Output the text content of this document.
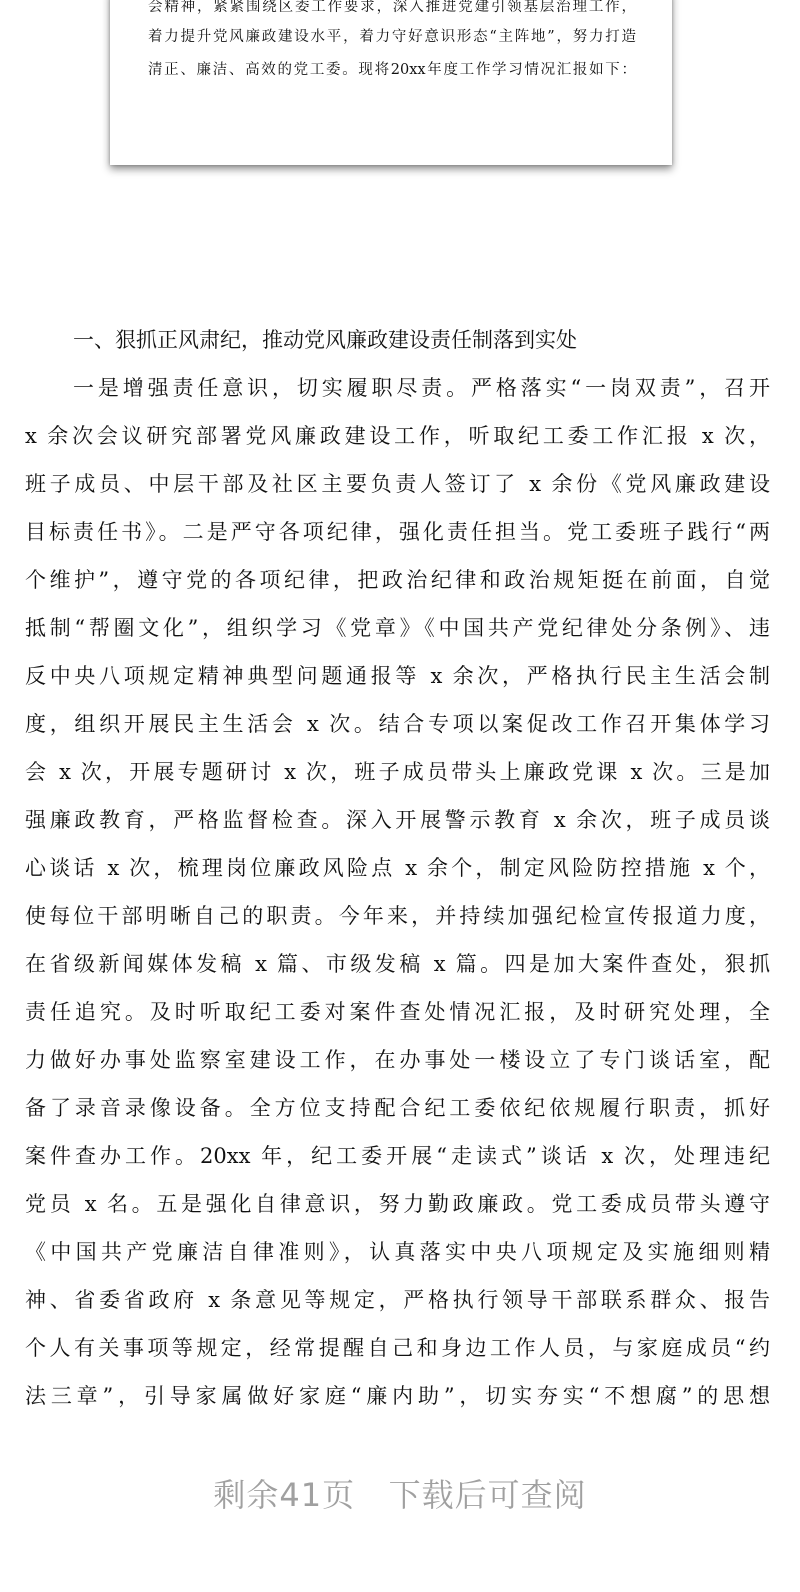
会精神，紧紧围绕区委工作要求，深入推进党建引领基层治理工作，
着力提升党风廉政建设水平，着力守好意识形态“主阵地”，努力打造
清正、廉洁、高效的党工委。现将20xx年度工作学习情况汇报如下：
一、狠抓正风肃纪，推动党风廉政建设责任制落到实处
一是增强责任意识，切实履职尽责。严格落实“一岗双责”，召开
x 余次会议研究部署党风廉政建设工作，听取纪工委工作汇报 x 次，
班子成员、中层干部及社区主要负责人签订了 x 余份《党风廉政建设
目标责任书》。二是严守各项纪律，强化责任担当。党工委班子践行“两
个维护”，遵守党的各项纪律，把政治纪律和政治规矩挺在前面，自觉
抵制“帮圈文化”，组织学习《党章》《中国共产党纪律处分条例》、违
反中央八项规定精神典型问题通报等 x 余次，严格执行民主生活会制
度，组织开展民主生活会 x 次。结合专项以案促改工作召开集体学习
会 x 次，开展专题研讨 x 次，班子成员带头上廉政党课 x 次。三是加
强廉政教育，严格监督检查。深入开展警示教育 x 余次，班子成员谈
心谈话 x 次，梳理岗位廉政风险点 x 余个，制定风险防控措施 x 个，
使每位干部明晰自己的职责。今年来，并持续加强纪检宣传报道力度，
在省级新闻媒体发稿 x 篇、市级发稿 x 篇。四是加大案件查处，狠抓
责任追究。及时听取纪工委对案件查处情况汇报，及时研究处理，全
力做好办事处监察室建设工作，在办事处一楼设立了专门谈话室，配
备了录音录像设备。全方位支持配合纪工委依纪依规履行职责，抓好
案件查办工作。20xx 年，纪工委开展“走读式”谈话 x 次，处理违纪
党员 x 名。五是强化自律意识，努力勤政廉政。党工委成员带头遵守
《中国共产党廉洁自律准则》，认真落实中央八项规定及实施细则精
神、省委省政府 x 条意见等规定，严格执行领导干部联系群众、报告
个人有关事项等规定，经常提醒自己和身边工作人员，与家庭成员“约
法三章”，引导家属做好家庭“廉内助”，切实夯实“不想腐”的思想
剩余41页 下载后可查阅
